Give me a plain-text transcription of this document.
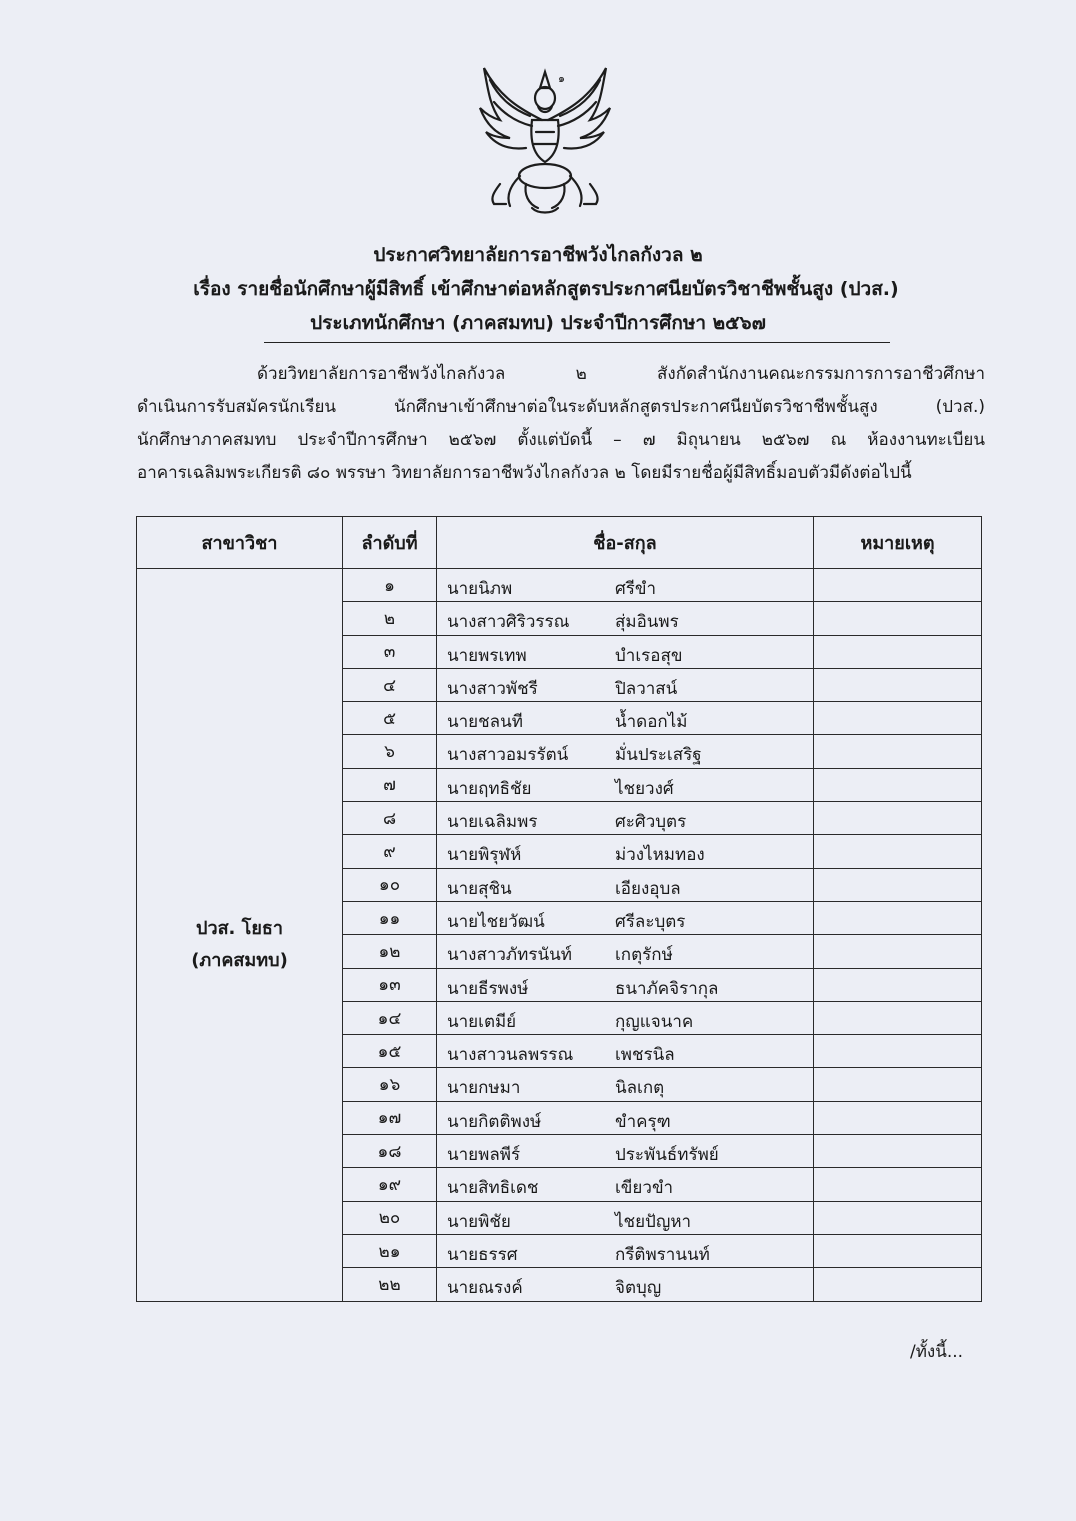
๑
ประกาศวิทยาลัยการอาชีพวังไกลกังวล ๒
เรื่อง รายชื่อนักศึกษาผู้มีสิทธิ์ เข้าศึกษาต่อหลักสูตรประกาศนียบัตรวิชาชีพชั้นสูง (ปวส.)
ประเภทนักศึกษา (ภาคสมทบ) ประจำปีการศึกษา ๒๕๖๗
ด้วยวิทยาลัยการอาชีพวังไกลกังวล ๒ สังกัดสำนักงานคณะกรรมการการอาชีวศึกษา
ดำเนินการรับสมัครนักเรียน นักศึกษาเข้าศึกษาต่อในระดับหลักสูตรประกาศนียบัตรวิชาชีพชั้นสูง (ปวส.)
นักศึกษาภาคสมทบ ประจำปีการศึกษา ๒๕๖๗ ตั้งแต่บัดนี้ – ๗ มิถุนายน ๒๕๖๗ ณ ห้องงานทะเบียน
อาคารเฉลิมพระเกียรติ ๘๐ พรรษา วิทยาลัยการอาชีพวังไกลกังวล ๒ โดยมีรายชื่อผู้มีสิทธิ์มอบตัวมีดังต่อไปนี้
สาขาวิชา	ลำดับที่	ชื่อ-สกุล	หมายเหตุ

ปวส. โยธา
(ภาคสมทบ)	๑	นายนิภพ ศรีขำ	

	๒	นางสาวศิริวรรณ สุ่มอินพร	

	๓	นายพรเทพ บำเรอสุข	

	๔	นางสาวพัชรี ปิลวาสน์	

	๕	นายชลนที น้ำดอกไม้	

	๖	นางสาวอมรรัตน์ มั่นประเสริฐ	

	๗	นายฤทธิชัย ไชยวงศ์	

	๘	นายเฉลิมพร ศะศิวบุตร	

	๙	นายพิรุฬห์ ม่วงไหมทอง	

	๑๐	นายสุชิน เอียงอุบล	

	๑๑	นายไชยวัฒน์ ศรีละบุตร	

	๑๒	นางสาวภัทรนันท์ เกตุรักษ์	

	๑๓	นายธีรพงษ์ ธนาภัคจิรากุล	

	๑๔	นายเตมีย์ กุญแจนาค	

	๑๕	นางสาวนลพรรณ เพชรนิล	

	๑๖	นายกษมา นิลเกตุ	

	๑๗	นายกิตติพงษ์ ขำครุฑ	

	๑๘	นายพลพีร์ ประพันธ์ทรัพย์	

	๑๙	นายสิทธิเดช เขียวขำ	

	๒๐	นายพิชัย ไชยปัญหา	

	๒๑	นายธรรศ กรีติพรานนท์	

	๒๒	นายณรงค์ จิตบุญ	

/ทั้งนี้...
